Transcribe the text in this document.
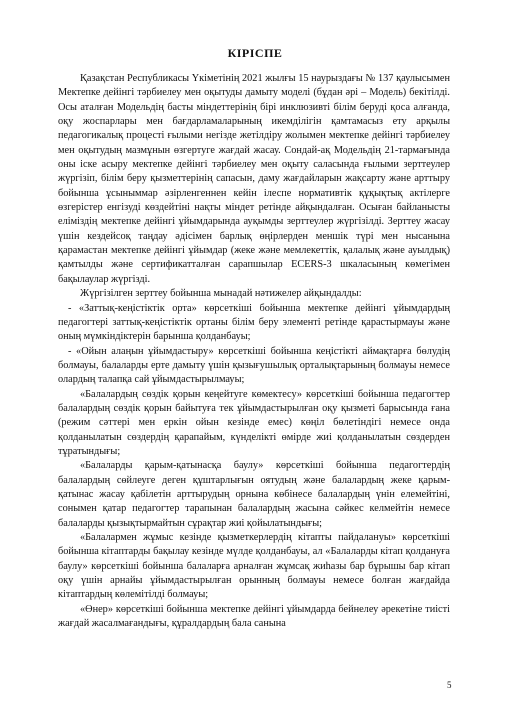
КІРІСПЕ

Қазақстан Республикасы Үкіметінің 2021 жылғы 15 наурыздағы № 137 қаулысымен Мектепке дейінгі тәрбиелеу мен оқытуды дамыту моделі (бұдан әрі – Модель) бекітілді. Осы аталған Модельдің басты міндеттерінің бірі инклюзивті білім беруді қоса алғанда, оқу жоспарлары мен бағдарламаларының икемділігін қамтамасыз ету арқылы педагогикалық процесті ғылыми негізде жетілдіру жолымен мектепке дейінгі тәрбиелеу мен оқытудың мазмұнын өзгертуге жағдай жасау. Сондай-ақ Модельдің 21-тармағында оны іске асыру мектепке дейінгі тәрбиелеу мен оқыту саласында ғылыми зерттеулер жүргізіп, білім беру қызметтерінің сапасын, даму жағдайларын жақсарту және арттыру бойынша ұсыныммар әзірленгеннен кейін ілеспе нормативтік құқықтық актілерге өзгерістер енгізуді көздейтіні нақты міндет ретінде айқындалған. Осыған байланысты еліміздің мектепке дейінгі ұйымдарында ауқымды зерттеулер жүргізілді. Зерттеу жасау үшін кездейсоқ таңдау әдісімен барлық өңірлерден меншік түрі мен нысанына қарамастан мектепке дейінгі ұйымдар (жеке және мемлекеттік, қалалық және ауылдық) қамтылды және сертификатталған сарапшылар ECERS-3 шкаласының көмегімен бақылаулар жүргізді.

Жүргізілген зерттеу бойынша мынадай нәтижелер айқындалды:

- «Заттық-кеңістіктік орта» көрсеткіші бойынша мектепке дейінгі ұйымдардың педагогтері заттық-кеңістіктік ортаны білім беру элементі ретінде қарастырмауы және оның мүмкіндіктерін барынша қолданбауы;

- «Ойын алаңын ұйымдастыру» көрсеткіші бойынша кеңістікті аймақтарға бөлудің болмауы, балаларды ерте дамыту үшін қызығушылық орталықтарының болмауы немесе олардың талапқа сай ұйымдастырылмауы;

«Балалардың сөздік қорын кеңейтуге көмектесу» көрсеткіші бойынша педагогтер балалардың сөздік қорын байытуға тек ұйымдастырылған оқу қызметі барысында ғана (режим сәттері мен еркін ойын кезінде емес) көңіл бөлетіндігі немесе онда қолданылатын сөздердің қарапайым, күнделікті өмірде жиі қолданылатын сөздерден тұратындығы;

«Балаларды қарым-қатынасқа баулу» көрсеткіші бойынша педагогтердің балалардың сөйлеуге деген құштарлығын оятудың және балалардың жеке қарым-қатынас жасау қабілетін арттырудың орнына көбінесе балалардың үнін елемейтіні, сонымен қатар педагогтер тарапынан балалардың жасына сәйкес келмейтін немесе балаларды қызықтырмайтын сұрақтар жиі қойылатындығы;

«Балалармен жұмыс кезінде қызметкерлердің кітапты пайдалануы» көрсеткіші бойынша кітаптарды бақылау кезінде мүлде қолданбауы, ал «Балаларды кітап қолдануға баулу» көрсеткіші бойынша балаларға арналған жұмсақ жиһазы бар бұрышы бар кітап оқу үшін арнайы ұйымдастырылған орынның болмауы немесе болған жағдайда кітаптардың көлемітілді болмауы;

«Өнер» көрсеткіші бойынша мектепке дейінгі ұйымдарда бейнелеу әрекетіне тиісті жағдай жасалмағандығы, құралдардың бала санына

5
